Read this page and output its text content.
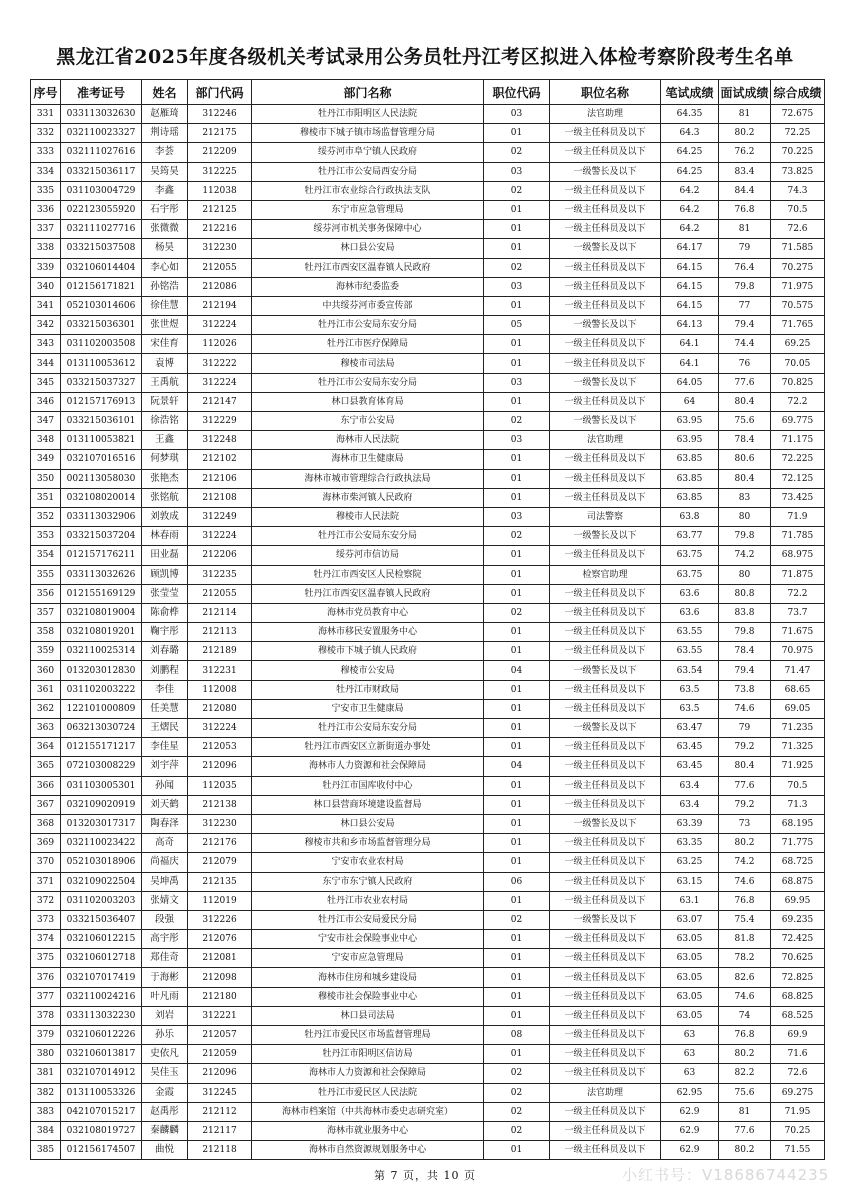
黑龙江省2025年度各级机关考试录用公务员牡丹江考区拟进入体检考察阶段考生名单
序号	准考证号	姓名	部门代码	部门名称	职位代码	职位名称	笔试成绩	面试成绩	综合成绩
331	033113032630	赵雁琦	312246	牡丹江市阳明区人民法院	03	法官助理	64.35	81	72.675
332	032110023327	荆诗瑶	212175	穆棱市下城子镇市场监督管理分局	01	一级主任科员及以下	64.3	80.2	72.25
333	032111027616	李荟	212209	绥芬河市阜宁镇人民政府	02	一级主任科员及以下	64.25	76.2	70.225
334	033215036117	吴筠昊	312225	牡丹江市公安局西安分局	03	一级警长及以下	64.25	83.4	73.825
335	031103004729	李鑫	112038	牡丹江市农业综合行政执法支队	02	一级主任科员及以下	64.2	84.4	74.3
336	022123055920	石宇彤	212125	东宁市应急管理局	01	一级主任科员及以下	64.2	76.8	70.5
337	032111027716	张微微	212216	绥芬河市机关事务保障中心	01	一级主任科员及以下	64.2	81	72.6
338	033215037508	杨昊	312230	林口县公安局	01	一级警长及以下	64.17	79	71.585
339	032106014404	李心如	212055	牡丹江市西安区温春镇人民政府	02	一级主任科员及以下	64.15	76.4	70.275
340	012156171821	孙铭浩	212086	海林市纪委监委	03	一级主任科员及以下	64.15	79.8	71.975
341	052103014606	徐佳慧	212194	中共绥芬河市委宣传部	01	一级主任科员及以下	64.15	77	70.575
342	033215036301	张世煜	312224	牡丹江市公安局东安分局	05	一级警长及以下	64.13	79.4	71.765
343	031102003508	宋佳育	112026	牡丹江市医疗保障局	01	一级主任科员及以下	64.1	74.4	69.25
344	013110053612	袁博	312222	穆棱市司法局	01	一级主任科员及以下	64.1	76	70.05
345	033215037327	王禹航	312224	牡丹江市公安局东安分局	03	一级警长及以下	64.05	77.6	70.825
346	012157176913	阮景轩	212147	林口县教育体育局	01	一级主任科员及以下	64	80.4	72.2
347	033215036101	徐浩铭	312229	东宁市公安局	02	一级警长及以下	63.95	75.6	69.775
348	013110053821	王鑫	312248	海林市人民法院	03	法官助理	63.95	78.4	71.175
349	032107016516	何梦琪	212102	海林市卫生健康局	01	一级主任科员及以下	63.85	80.6	72.225
350	002113058030	张艳杰	212106	海林市城市管理综合行政执法局	01	一级主任科员及以下	63.85	80.4	72.125
351	032108020014	张铭航	212108	海林市柴河镇人民政府	01	一级主任科员及以下	63.85	83	73.425
352	033113032906	刘敦成	312249	穆棱市人民法院	03	司法警察	63.8	80	71.9
353	033215037204	林春雨	312224	牡丹江市公安局东安分局	02	一级警长及以下	63.77	79.8	71.785
354	012157176211	田业磊	212206	绥芬河市信访局	01	一级主任科员及以下	63.75	74.2	68.975
355	033113032626	顾凯博	312235	牡丹江市西安区人民检察院	01	检察官助理	63.75	80	71.875
356	012155169129	张莹莹	212055	牡丹江市西安区温春镇人民政府	01	一级主任科员及以下	63.6	80.8	72.2
357	032108019004	陈俞桦	212114	海林市党员教育中心	02	一级主任科员及以下	63.6	83.8	73.7
358	032108019201	鞠宇彤	212113	海林市移民安置服务中心	01	一级主任科员及以下	63.55	79.8	71.675
359	032110025314	刘春璐	212189	穆棱市下城子镇人民政府	01	一级主任科员及以下	63.55	78.4	70.975
360	013203012830	刘鹏程	312231	穆棱市公安局	04	一级警长及以下	63.54	79.4	71.47
361	031102003222	李佳	112008	牡丹江市财政局	01	一级主任科员及以下	63.5	73.8	68.65
362	122101000809	任美慧	212080	宁安市卫生健康局	01	一级主任科员及以下	63.5	74.6	69.05
363	063213030724	王熠民	312224	牡丹江市公安局东安分局	01	一级警长及以下	63.47	79	71.235
364	012155171217	李佳星	212053	牡丹江市西安区立新街道办事处	01	一级主任科员及以下	63.45	79.2	71.325
365	072103008229	刘宇萍	212096	海林市人力资源和社会保障局	04	一级主任科员及以下	63.45	80.4	71.925
366	031103005301	孙闻	112035	牡丹江市国库收付中心	01	一级主任科员及以下	63.4	77.6	70.5
367	032109020919	刘天鹤	212138	林口县营商环境建设监督局	01	一级主任科员及以下	63.4	79.2	71.3
368	013203017317	陶春泽	312230	林口县公安局	01	一级警长及以下	63.39	73	68.195
369	032110023422	高奇	212176	穆棱市共和乡市场监督管理分局	01	一级主任科员及以下	63.35	80.2	71.775
370	052103018906	尚福庆	212079	宁安市农业农村局	01	一级主任科员及以下	63.25	74.2	68.725
371	032109022504	吴坤禹	212135	东宁市东宁镇人民政府	06	一级主任科员及以下	63.15	74.6	68.875
372	031102003203	张婧文	112019	牡丹江市农业农村局	01	一级主任科员及以下	63.1	76.8	69.95
373	033215036407	段强	312226	牡丹江市公安局爱民分局	02	一级警长及以下	63.07	75.4	69.235
374	032106012215	高宇彤	212076	宁安市社会保险事业中心	01	一级主任科员及以下	63.05	81.8	72.425
375	032106012718	郑佳奇	212081	宁安市应急管理局	01	一级主任科员及以下	63.05	78.2	70.625
376	032107017419	于海彬	212098	海林市住房和城乡建设局	01	一级主任科员及以下	63.05	82.6	72.825
377	032110024216	叶凡雨	212180	穆棱市社会保险事业中心	01	一级主任科员及以下	63.05	74.6	68.825
378	033113032230	刘岩	312221	林口县司法局	01	一级主任科员及以下	63.05	74	68.525
379	032106012226	孙乐	212057	牡丹江市爱民区市场监督管理局	08	一级主任科员及以下	63	76.8	69.9
380	032106013817	史依凡	212059	牡丹江市阳明区信访局	01	一级主任科员及以下	63	80.2	71.6
381	032107014912	吴佳玉	212096	海林市人力资源和社会保障局	02	一级主任科员及以下	63	82.2	72.6
382	013110053326	金霞	312245	牡丹江市爱民区人民法院	02	法官助理	62.95	75.6	69.275
383	042107015217	赵禹彤	212112	海林市档案馆（中共海林市委史志研究室）	02	一级主任科员及以下	62.9	81	71.95
384	032108019727	秦麟麟	212117	海林市就业服务中心	02	一级主任科员及以下	62.9	77.6	70.25
385	012156174507	曲悦	212118	海林市自然资源规划服务中心	01	一级主任科员及以下	62.9	80.2	71.55
第 7 页，共 10 页	小红书号：V18686744235
